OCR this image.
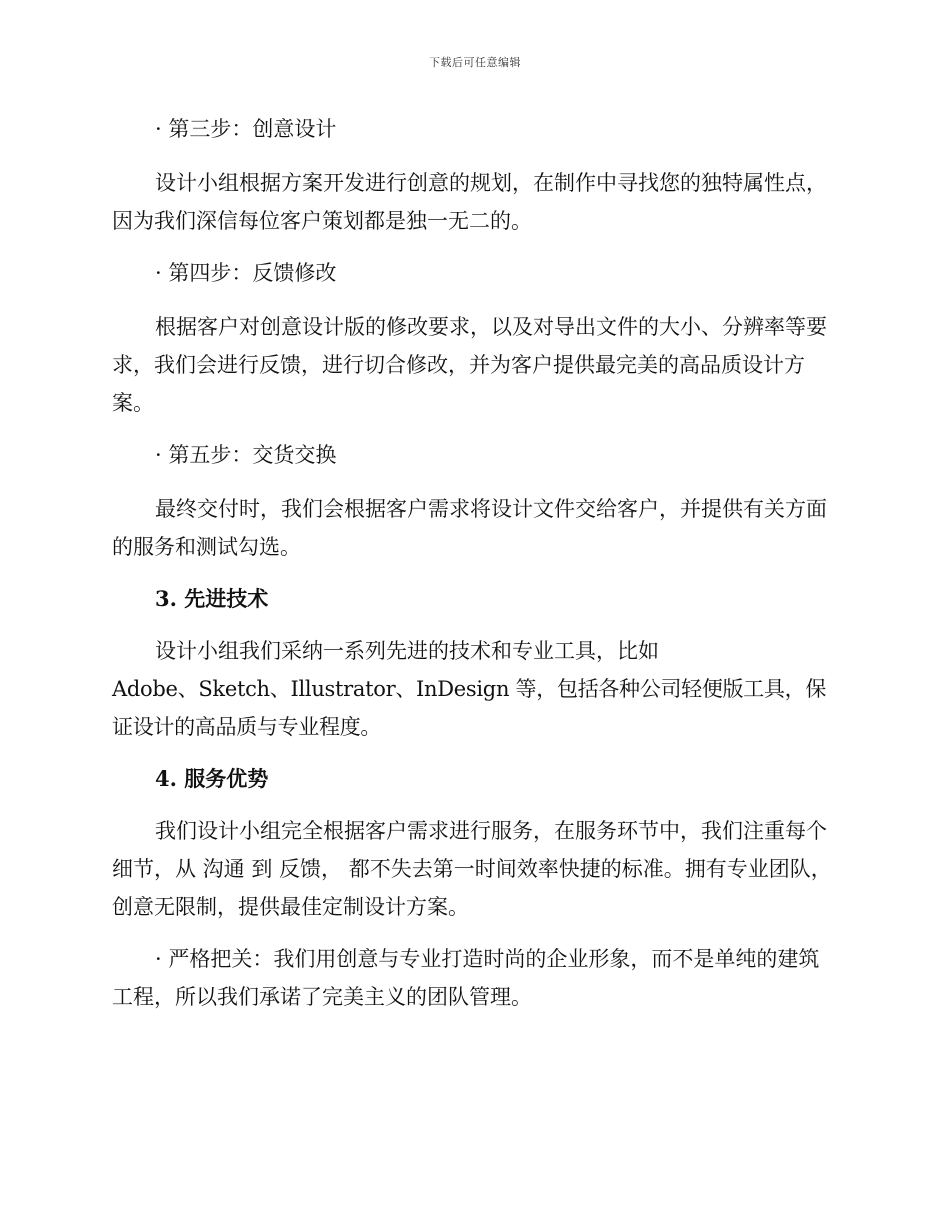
下载后可任意编辑

· 第三步：创意设计

设计小组根据方案开发进行创意的规划，在制作中寻找您的独特属性点，因为我们深信每位客户策划都是独一无二的。

· 第四步：反馈修改

根据客户对创意设计版的修改要求，以及对导出文件的大小、分辨率等要求，我们会进行反馈，进行切合修改，并为客户提供最完美的高品质设计方案。

· 第五步：交货交换

最终交付时，我们会根据客户需求将设计文件交给客户，并提供有关方面的服务和测试勾选。

3. 先进技术

设计小组我们采纳一系列先进的技术和专业工具，比如
Adobe、Sketch、Illustrator、InDesign 等，包括各种公司轻便版工具，保证设计的高品质与专业程度。

4. 服务优势

我们设计小组完全根据客户需求进行服务，在服务环节中，我们注重每个细节，从 沟通 到 反馈， 都不失去第一时间效率快捷的标准。拥有专业团队，创意无限制，提供最佳定制设计方案。

· 严格把关：我们用创意与专业打造时尚的企业形象，而不是单纯的建筑工程，所以我们承诺了完美主义的团队管理。
